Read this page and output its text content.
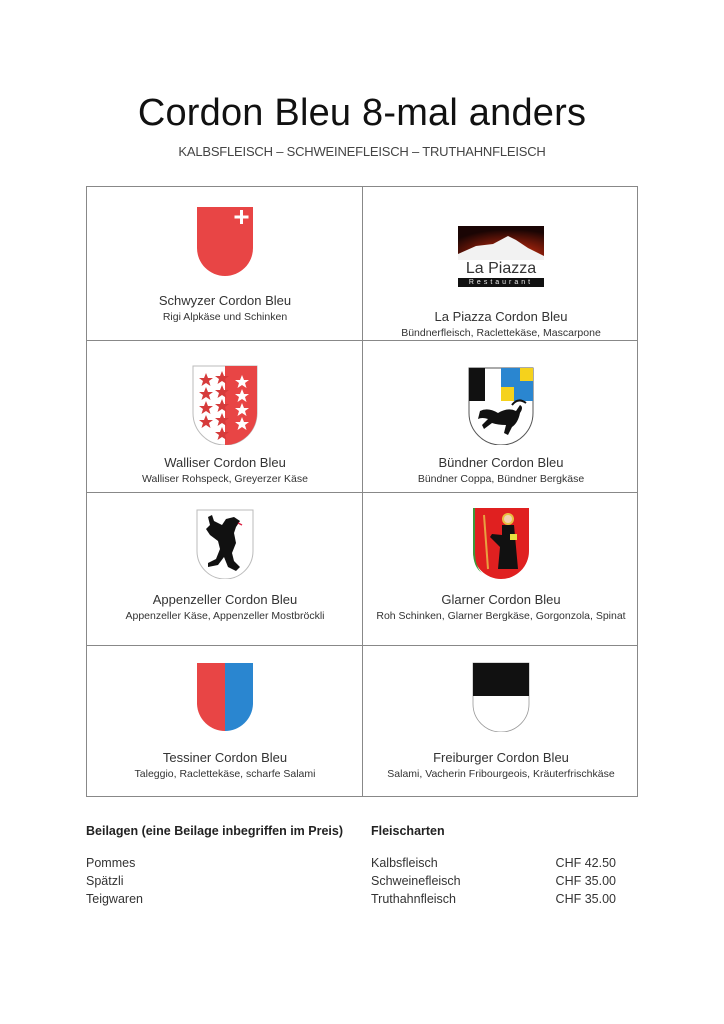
Cordon Bleu 8-mal anders
KALBSFLEISCH – SCHWEINEFLEISCH – TRUTHAHNFLEISCH
Schwyzer Cordon Bleu
Rigi Alpkäse und Schinken
La Piazza
Restaurant
La Piazza Cordon Bleu
Bündnerfleisch, Raclettekäse, Mascarpone
Walliser Cordon Bleu
Walliser Rohspeck, Greyerzer Käse
Bündner Cordon Bleu
Bündner Coppa, Bündner Bergkäse
Appenzeller Cordon Bleu
Appenzeller Käse, Appenzeller Mostbröckli
Glarner Cordon Bleu
Roh Schinken, Glarner Bergkäse, Gorgonzola, Spinat
Tessiner Cordon Bleu
Taleggio, Raclettekäse, scharfe Salami
Freiburger Cordon Bleu
Salami, Vacherin Fribourgeois, Kräuterfrischkäse
Beilagen (eine Beilage inbegriffen im Preis)
Pommes
Spätzli
Teigwaren
Fleischarten
Kalbsfleisch	CHF 42.50
Schweinefleisch	CHF 35.00
Truthahnfleisch	CHF 35.00
